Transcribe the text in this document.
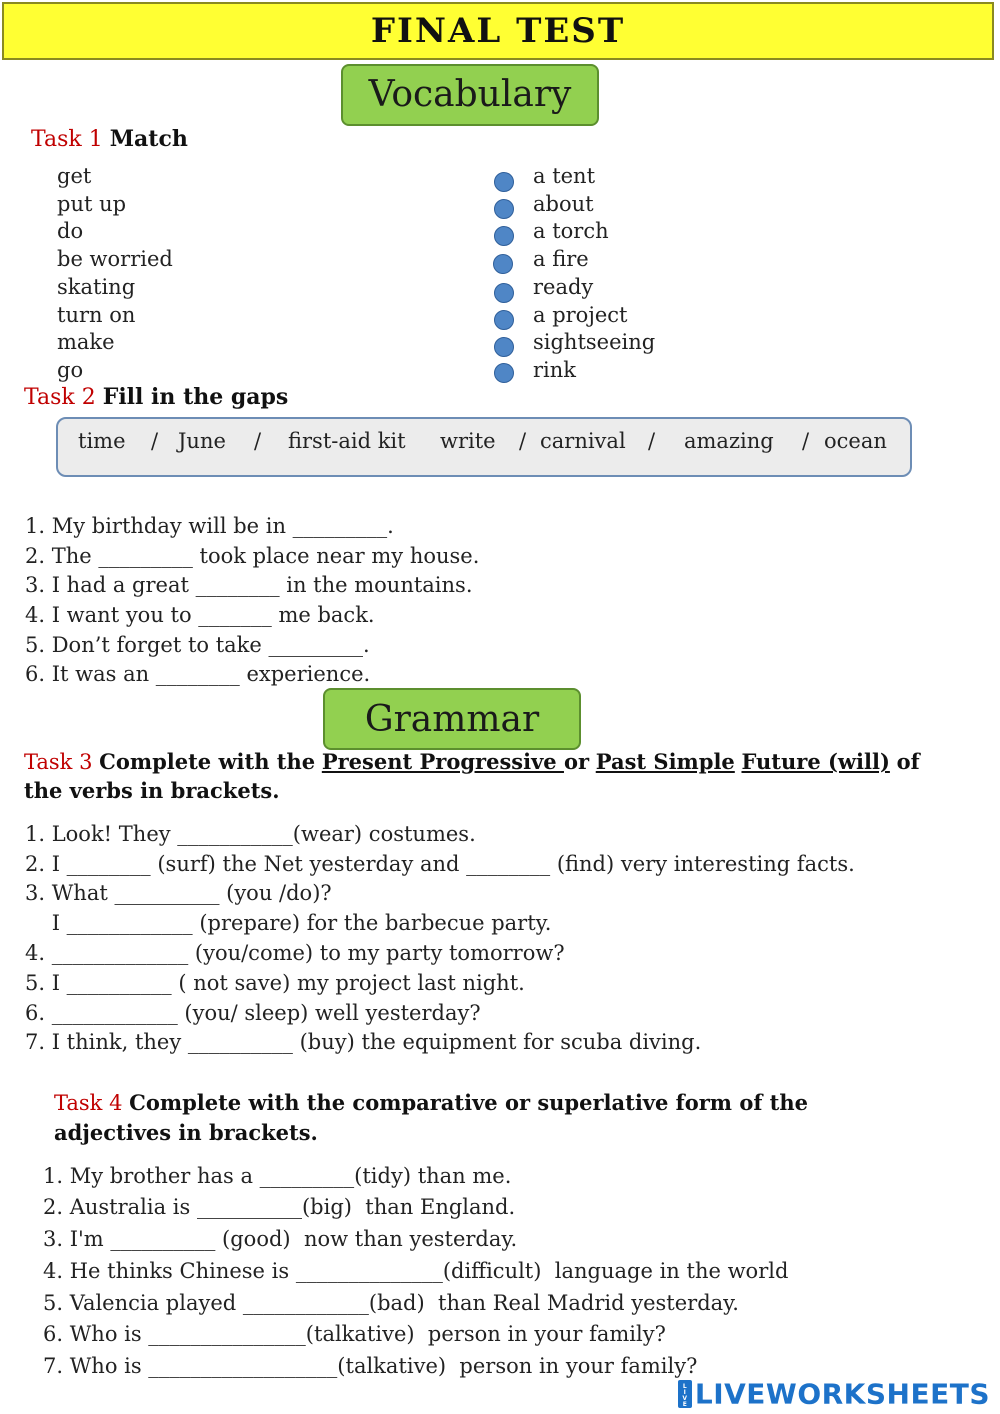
FINAL TEST
Vocabulary
Task 1 Match
get
put up
do
be worried
skating
turn on
make
go
a tent
about
a torch
a fire
ready
a project
sightseeing
rink
Task 2 Fill in the gaps
time / June / first-aid kit write / carnival / amazing / ocean
1. My birthday will be in _________.
2. The _________ took place near my house.
3. I had a great ________ in the mountains.
4. I want you to _______ me back.
5. Don’t forget to take _________.
6. It was an ________ experience.
Grammar
Task 3 Complete with the Present Progressive or Past Simple Future (will) of
the verbs in brackets.
1. Look! They ___________(wear) costumes.
2. I ________ (surf) the Net yesterday and ________ (find) very interesting facts.
3. What __________ (you /do)?
I ____________ (prepare) for the barbecue party.
4. _____________ (you/come) to my party tomorrow?
5. I __________ ( not save) my project last night.
6. ____________ (you/ sleep) well yesterday?
7. I think, they __________ (buy) the equipment for scuba diving.
Task 4 Complete with the comparative or superlative form of the
adjectives in brackets.
1. My brother has a _________(tidy) than me.
2. Australia is __________(big)  than England.
3. I'm __________ (good)  now than yesterday.
4. He thinks Chinese is ______________(difficult)  language in the world
5. Valencia played ____________(bad)  than Real Madrid yesterday.
6. Who is _______________(talkative)  person in your family?
7. Who is __________________(talkative)  person in your family?
L
I
V
E LIVEWORKSHEETS
